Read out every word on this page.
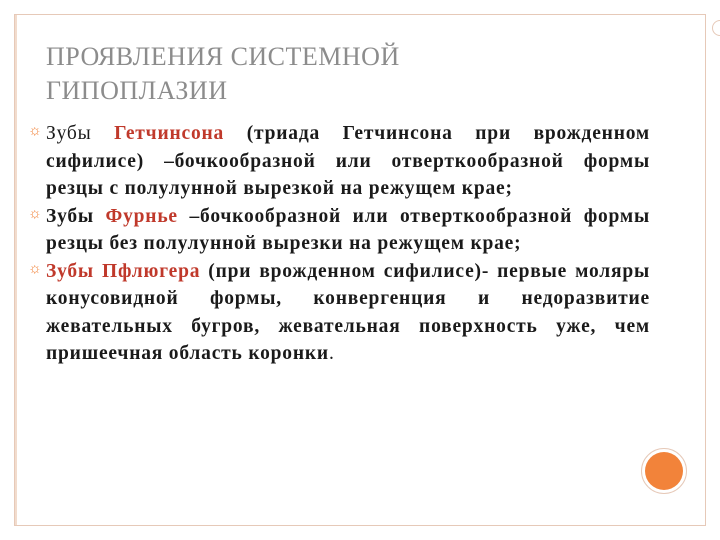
ПРОЯВЛЕНИЯ СИСТЕМНОЙ
ГИПОПЛАЗИИ
☼ Зубы Гетчинсона (триада Гетчинсона при врожденном сифилисе) –бочкообразной или отверткообразной формы резцы с полулунной вырезкой на режущем крае;
☼ Зубы Фурнье –бочкообразной или отверткообразной формы резцы без полулунной вырезки на режущем крае;
☼ Зубы Пфлюгера (при врожденном сифилисе)- первые моляры конусовидной формы, конвергенция и недоразвитие жевательных бугров, жевательная поверхность уже, чем пришеечная область коронки.
